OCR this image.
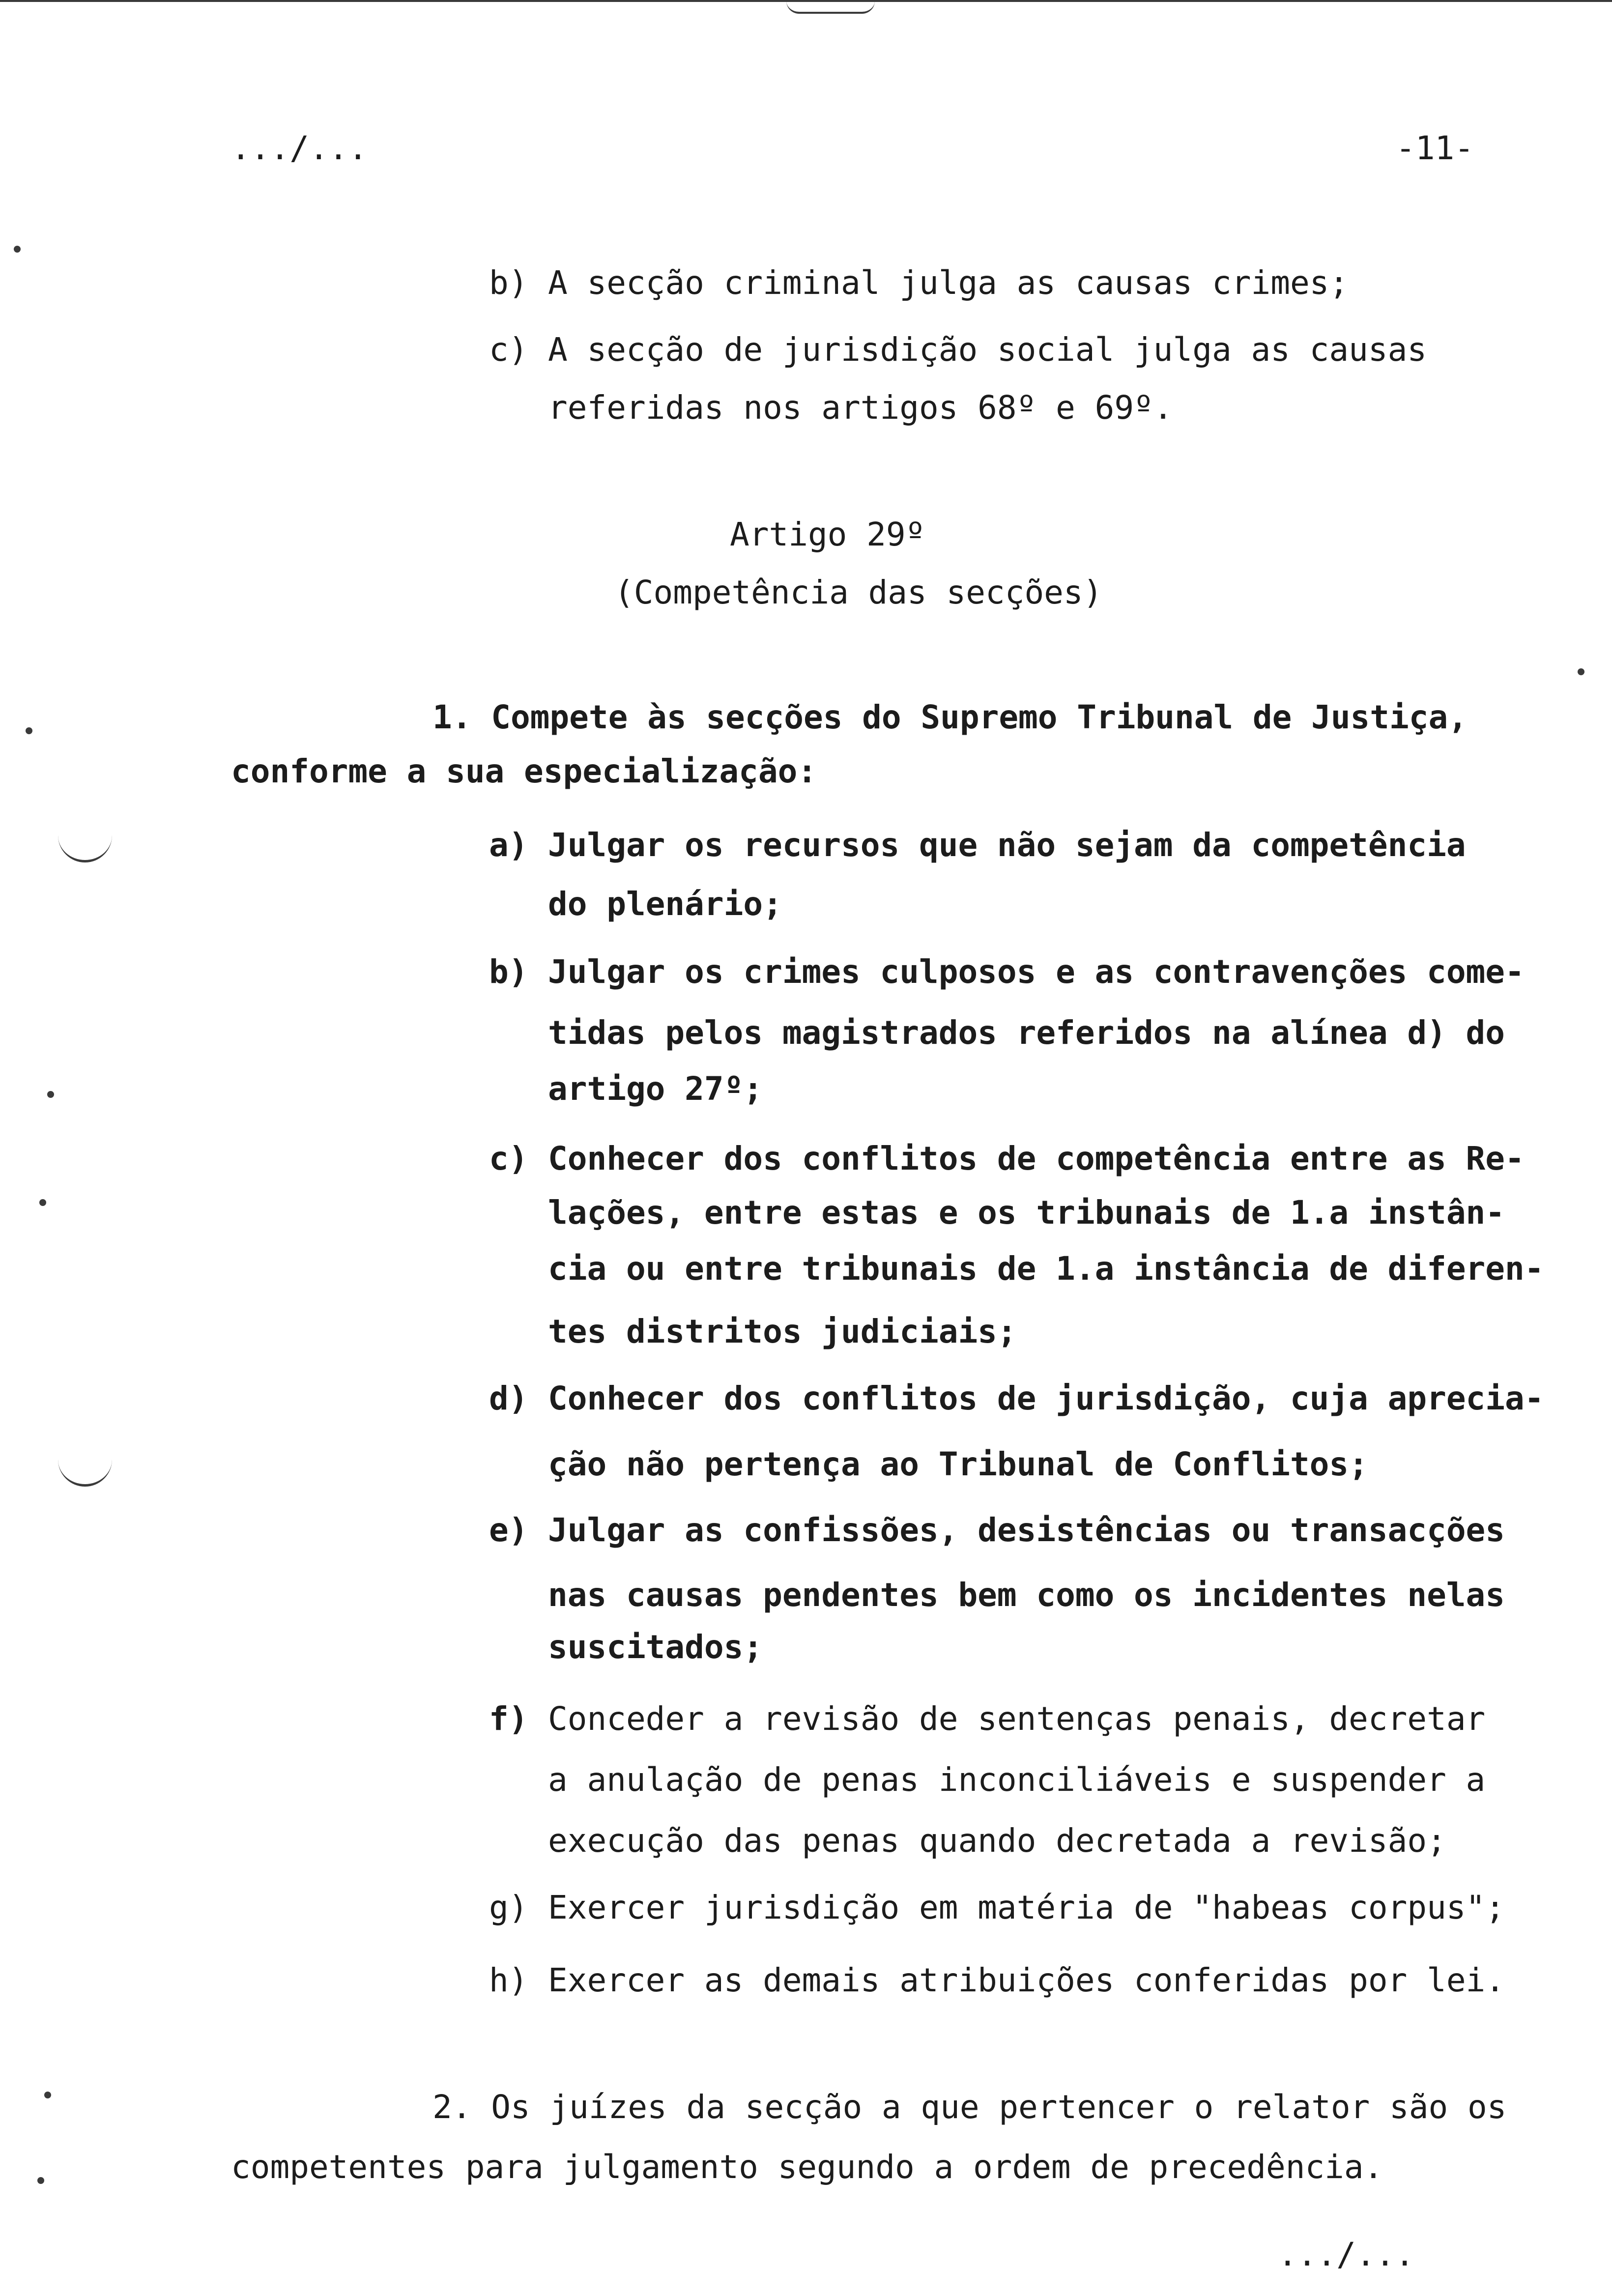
.../...	-11-
b) A secção criminal julga as causas crimes;
c) A secção de jurisdição social julga as causas
referidas nos artigos 68º e 69º.
Artigo 29º
(Competência das secções)
1. Compete às secções do Supremo Tribunal de Justiça,
conforme a sua especialização:
a) Julgar os recursos que não sejam da competência
do plenário;
b) Julgar os crimes culposos e as contravenções come-
tidas pelos magistrados referidos na alínea d) do
artigo 27º;
c) Conhecer dos conflitos de competência entre as Re-
lações, entre estas e os tribunais de 1.a instân-
cia ou entre tribunais de 1.a instância de diferen-
tes distritos judiciais;
d) Conhecer dos conflitos de jurisdição, cuja aprecia-
ção não pertença ao Tribunal de Conflitos;
e) Julgar as confissões, desistências ou transacções
nas causas pendentes bem como os incidentes nelas
suscitados;
f) Conceder a revisão de sentenças penais, decretar
a anulação de penas inconciliáveis e suspender a
execução das penas quando decretada a revisão;
g) Exercer jurisdição em matéria de "habeas corpus";
h) Exercer as demais atribuições conferidas por lei.
2. Os juízes da secção a que pertencer o relator são os
competentes para julgamento segundo a ordem de precedência.
.../...
